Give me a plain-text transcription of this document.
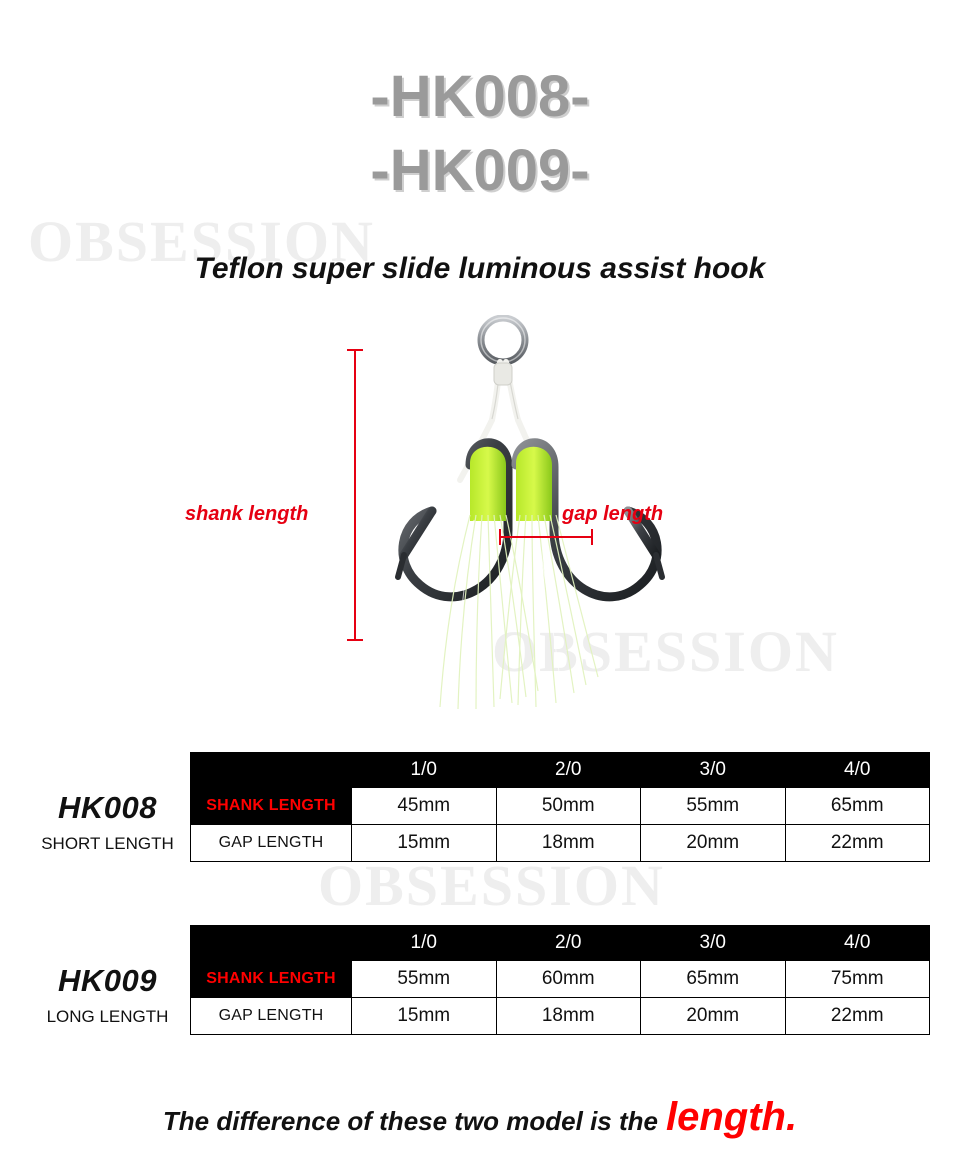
OBSESSION
OBSESSION
OBSESSION
-HK008-
-HK009-
Teflon super slide luminous assist hook
shank length	gap length
HK008
SHORT LENGTH
	1/0	2/0	3/0	4/0
SHANK LENGTH	45mm	50mm	55mm	65mm
GAP LENGTH	15mm	18mm	20mm	22mm
HK009
LONG LENGTH
	1/0	2/0	3/0	4/0
SHANK LENGTH	55mm	60mm	65mm	75mm
GAP LENGTH	15mm	18mm	20mm	22mm
The difference of these two model is the length.
